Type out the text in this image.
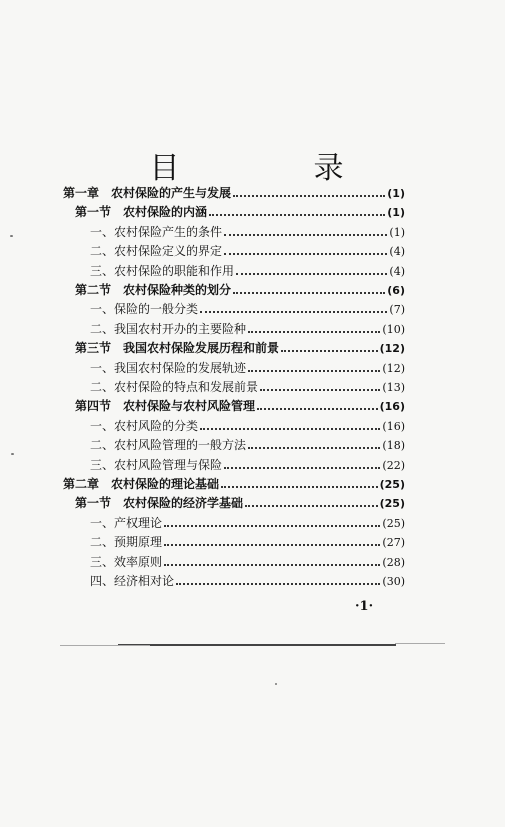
目　录
第一章　农村保险的产生与发展	(1)
第一节　农村保险的内涵	(1)
一、农村保险产生的条件	(1)
二、农村保险定义的界定	(4)
三、农村保险的职能和作用	(4)
第二节　农村保险种类的划分	(6)
一、保险的一般分类	(7)
二、我国农村开办的主要险种	(10)
第三节　我国农村保险发展历程和前景	(12)
一、我国农村保险的发展轨迹	(12)
二、农村保险的特点和发展前景	(13)
第四节　农村保险与农村风险管理	(16)
一、农村风险的分类	(16)
二、农村风险管理的一般方法	(18)
三、农村风险管理与保险	(22)
第二章　农村保险的理论基础	(25)
第一节　农村保险的经济学基础	(25)
一、产权理论	(25)
二、预期原理	(27)
三、效率原则	(28)
四、经济相对论	(30)
·1·
